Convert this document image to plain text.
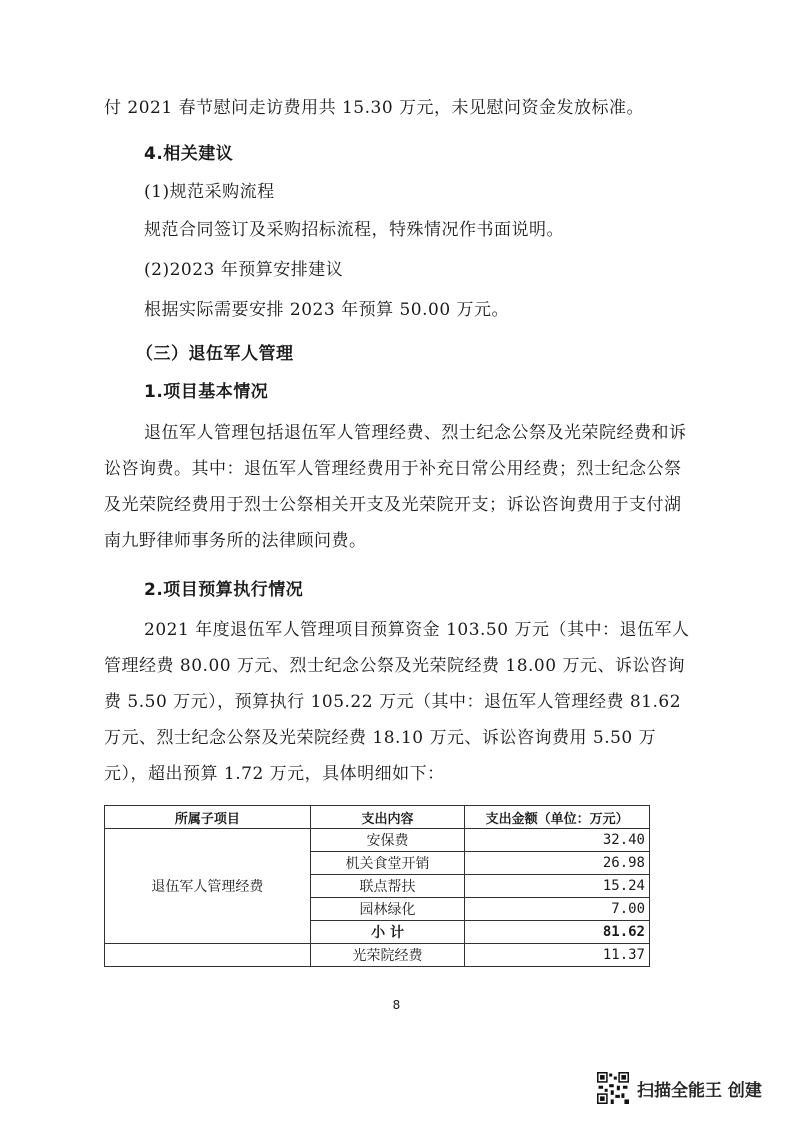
付 2021 春节慰问走访费用共 15.30 万元，未见慰问资金发放标准。

4.相关建议

(1)规范采购流程

规范合同签订及采购招标流程，特殊情况作书面说明。

(2)2023 年预算安排建议

根据实际需要安排 2023 年预算 50.00 万元。

（三）退伍军人管理

1.项目基本情况

退伍军人管理包括退伍军人管理经费、烈士纪念公祭及光荣院经费和诉讼咨询费。其中：退伍军人管理经费用于补充日常公用经费；烈士纪念公祭及光荣院经费用于烈士公祭相关开支及光荣院开支；诉讼咨询费用于支付湖南九野律师事务所的法律顾问费。

2.项目预算执行情况

2021 年度退伍军人管理项目预算资金 103.50 万元（其中：退伍军人管理经费 80.00 万元、烈士纪念公祭及光荣院经费 18.00 万元、诉讼咨询费 5.50 万元），预算执行 105.22 万元（其中：退伍军人管理经费 81.62 万元、烈士纪念公祭及光荣院经费 18.10 万元、诉讼咨询费用 5.50 万元），超出预算 1.72 万元，具体明细如下：

所属子项目	支出内容	支出金额（单位：万元）
退伍军人管理经费	安保费	32.40
	机关食堂开销	26.98
	联点帮扶	15.24
	园林绿化	7.00
	小 计	81.62
	光荣院经费	11.37
8
扫描全能王 创建
